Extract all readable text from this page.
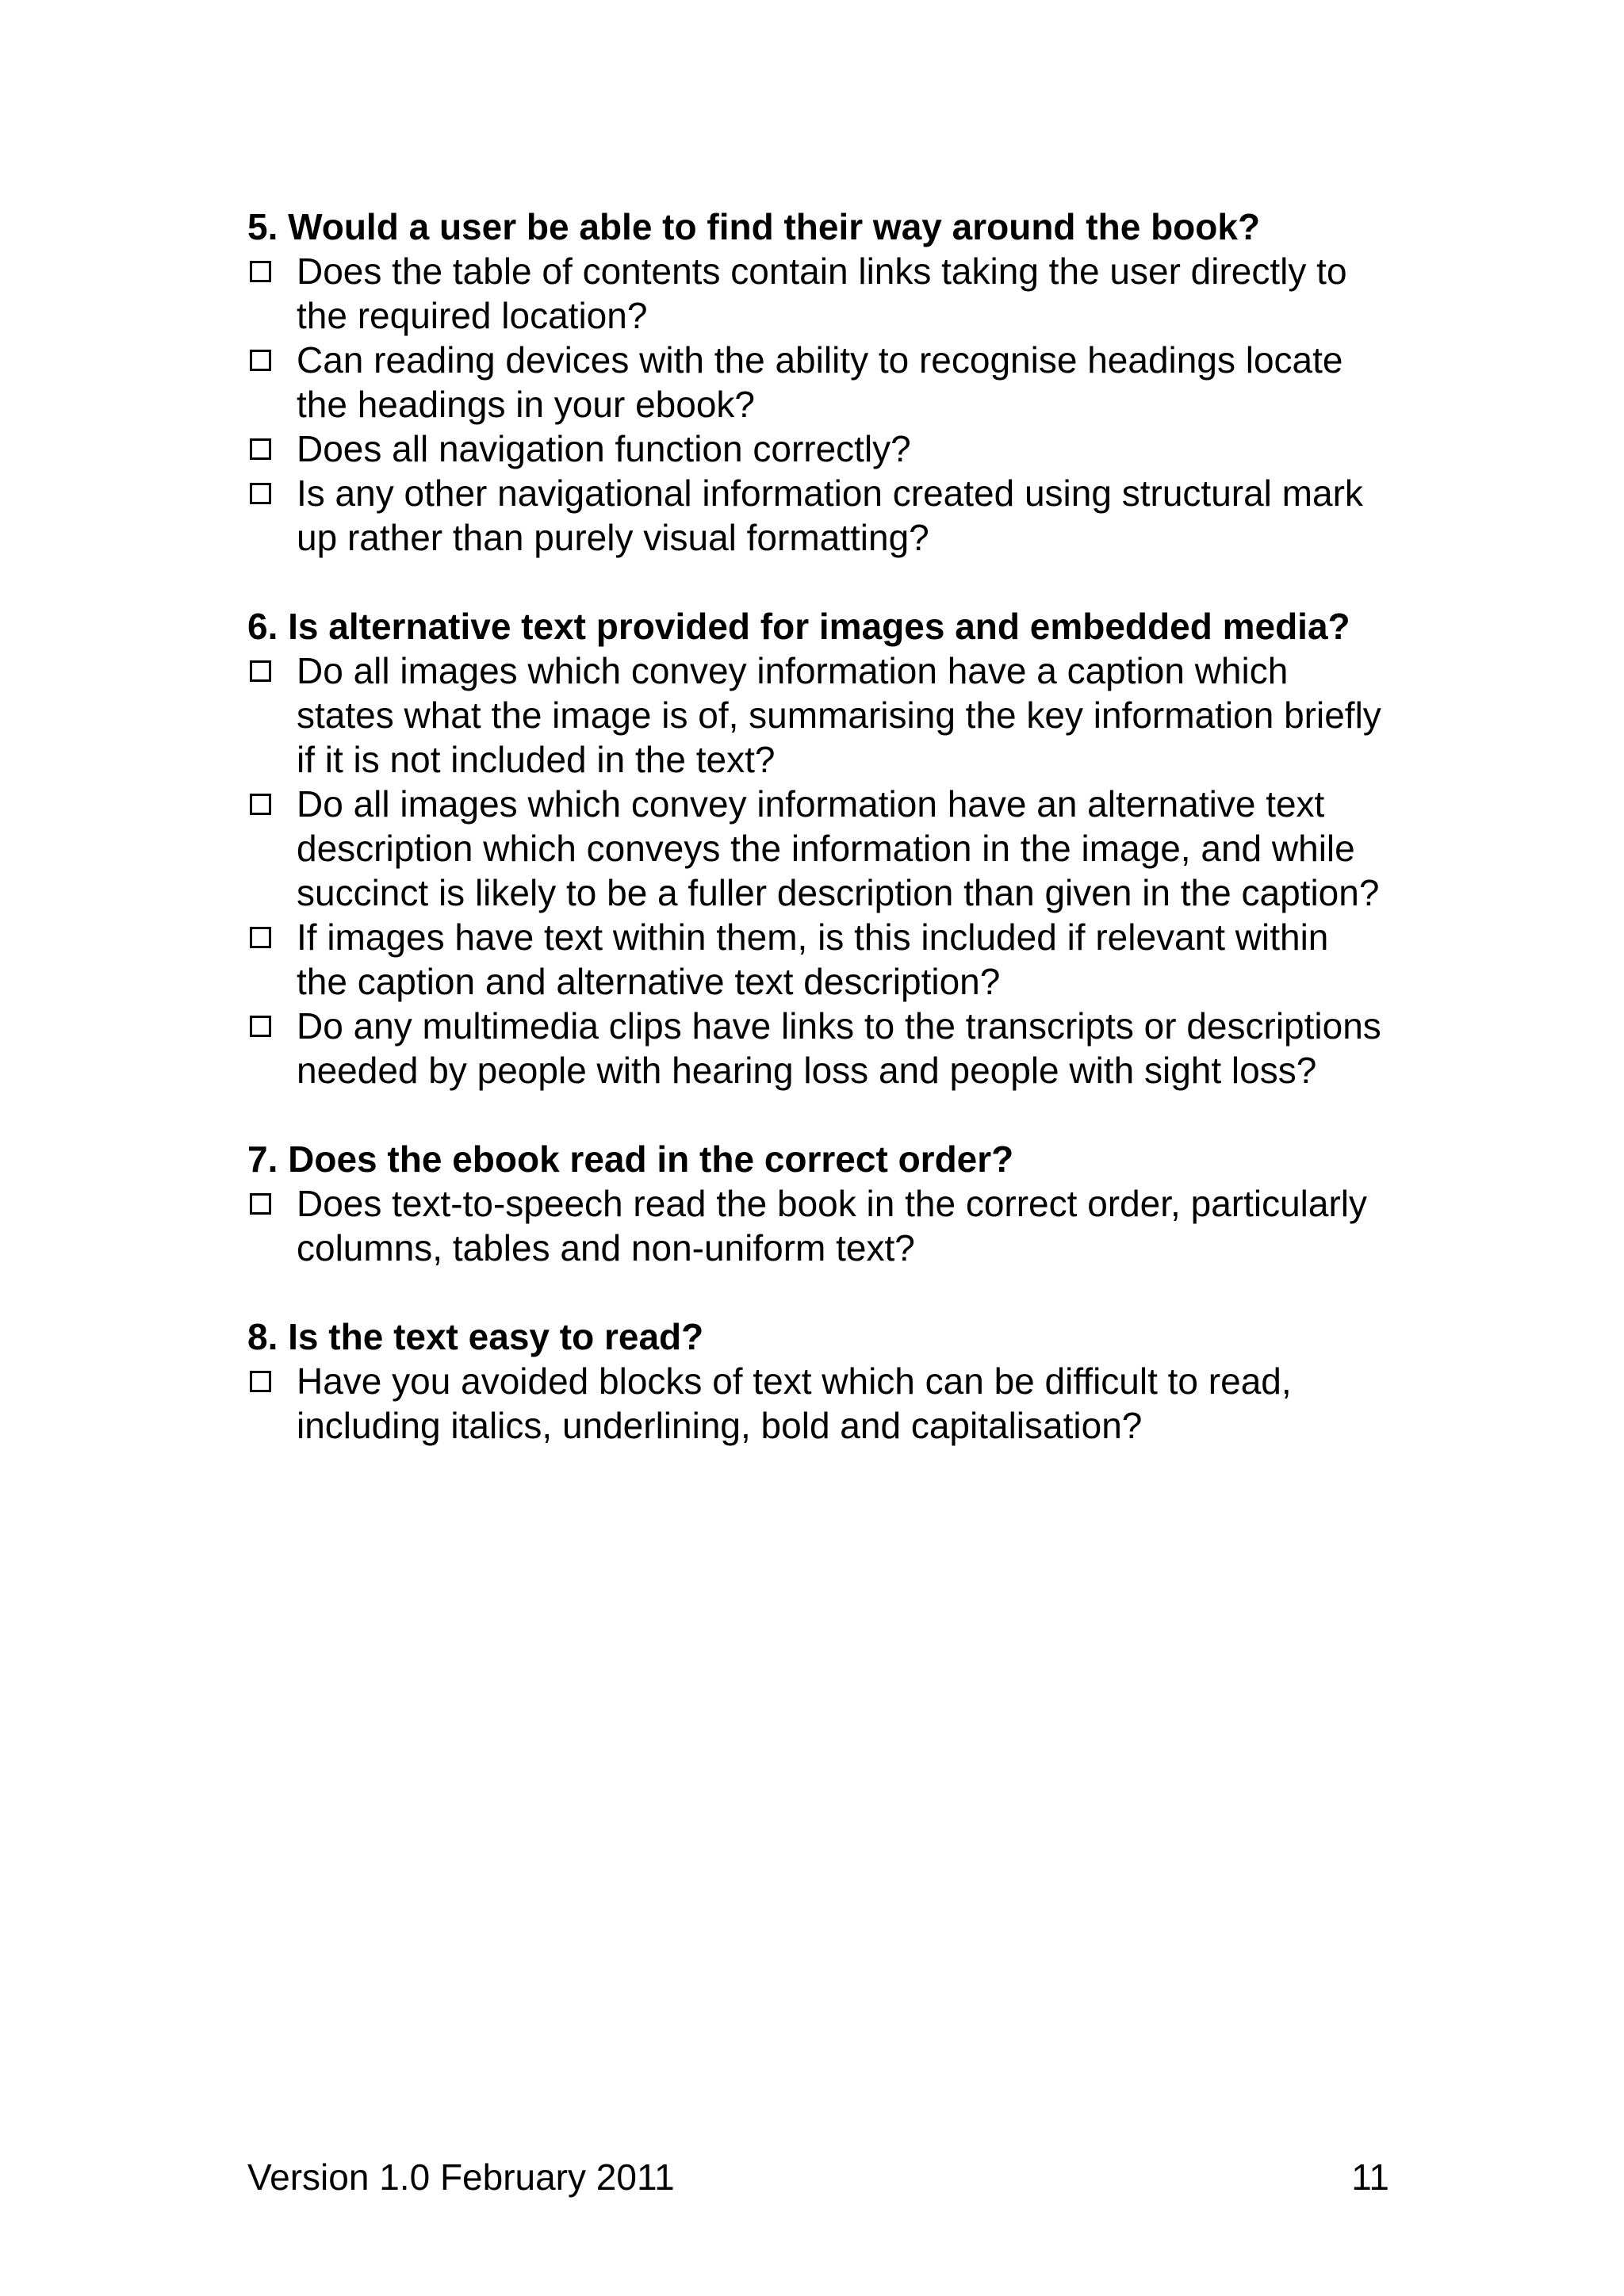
5. Would a user be able to find their way around the book?

Does the table of contents contain links taking the user directly to the required location?
Can reading devices with the ability to recognise headings locate the headings in your ebook?
Does all navigation function correctly?
Is any other navigational information created using structural mark up rather than purely visual formatting?

6. Is alternative text provided for images and embedded media?

Do all images which convey information have a caption which states what the image is of, summarising the key information briefly if it is not included in the text?
Do all images which convey information have an alternative text description which conveys the information in the image, and while succinct is likely to be a fuller description than given in the caption?
If images have text within them, is this included if relevant within the caption and alternative text description?
Do any multimedia clips have links to the transcripts or descriptions needed by people with hearing loss and people with sight loss?

7. Does the ebook read in the correct order?

Does text-to-speech read the book in the correct order, particularly columns, tables and non-uniform text?

8. Is the text easy to read?

Have you avoided blocks of text which can be difficult to read, including italics, underlining, bold and capitalisation?
Version 1.0 February 2011	11
